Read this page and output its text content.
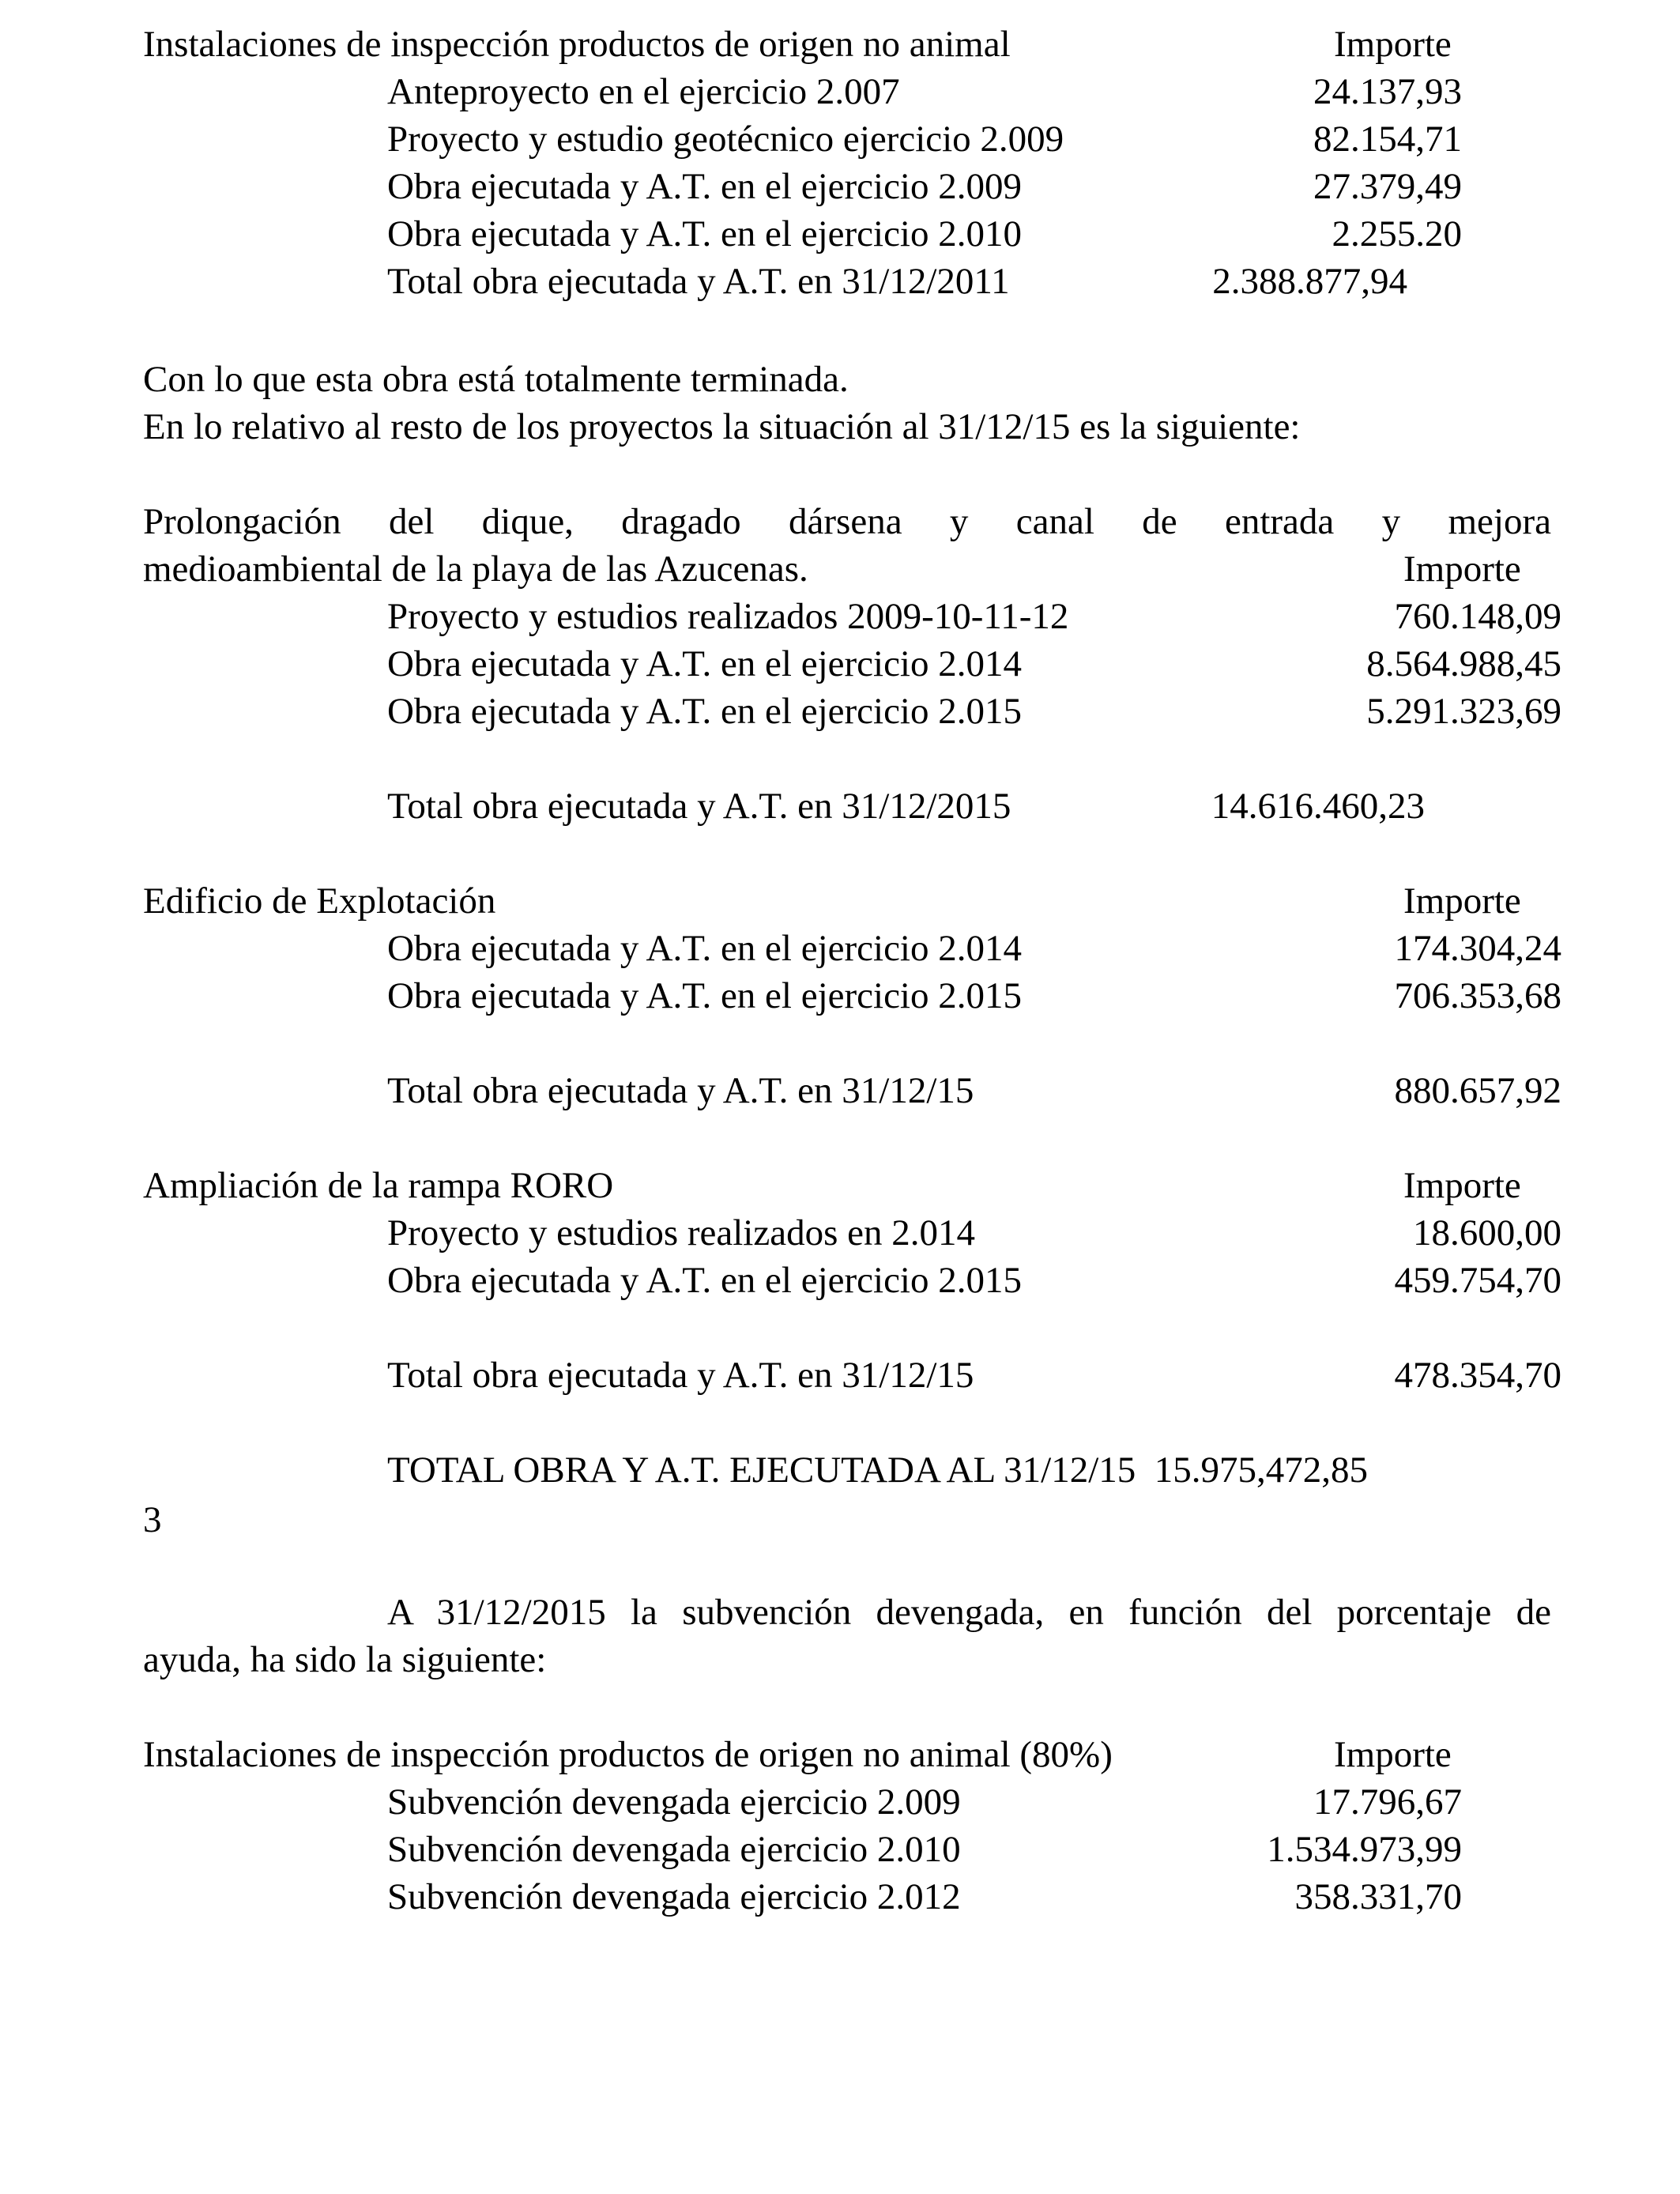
Instalaciones de inspección productos de origen no animal	Importe
Anteproyecto en el ejercicio 2.007	24.137,93
Proyecto y estudio geotécnico ejercicio 2.009	82.154,71
Obra ejecutada y A.T. en el ejercicio 2.009	27.379,49
Obra ejecutada y A.T. en el ejercicio 2.010	2.255.20
Total obra ejecutada y A.T. en 31/12/2011	2.388.877,94
Con lo que esta obra está totalmente terminada.
En lo relativo al resto de los proyectos la situación al 31/12/15 es la siguiente:
Prolongación del dique, dragado dársena y canal de entrada y mejora
medioambiental de la playa de las Azucenas.	Importe
Proyecto y estudios realizados 2009-10-11-12	760.148,09
Obra ejecutada y A.T. en el ejercicio 2.014	8.564.988,45
Obra ejecutada y A.T. en el ejercicio 2.015	5.291.323,69
Total obra ejecutada y A.T. en 31/12/2015	14.616.460,23
Edificio de Explotación	Importe
Obra ejecutada y A.T. en el ejercicio 2.014	174.304,24
Obra ejecutada y A.T. en el ejercicio 2.015	706.353,68
Total obra ejecutada y A.T. en 31/12/15	880.657,92
Ampliación de la rampa RORO	Importe
Proyecto y estudios realizados en 2.014	18.600,00
Obra ejecutada y A.T. en el ejercicio 2.015	459.754,70
Total obra ejecutada y A.T. en 31/12/15	478.354,70
TOTAL OBRA Y A.T. EJECUTADA AL 31/12/15  15.975,472,85
3
A 31/12/2015 la subvención devengada, en función del porcentaje de
ayuda, ha sido la siguiente:
Instalaciones de inspección productos de origen no animal (80%)	Importe
Subvención devengada ejercicio 2.009	17.796,67
Subvención devengada ejercicio 2.010	1.534.973,99
Subvención devengada ejercicio 2.012	358.331,70
